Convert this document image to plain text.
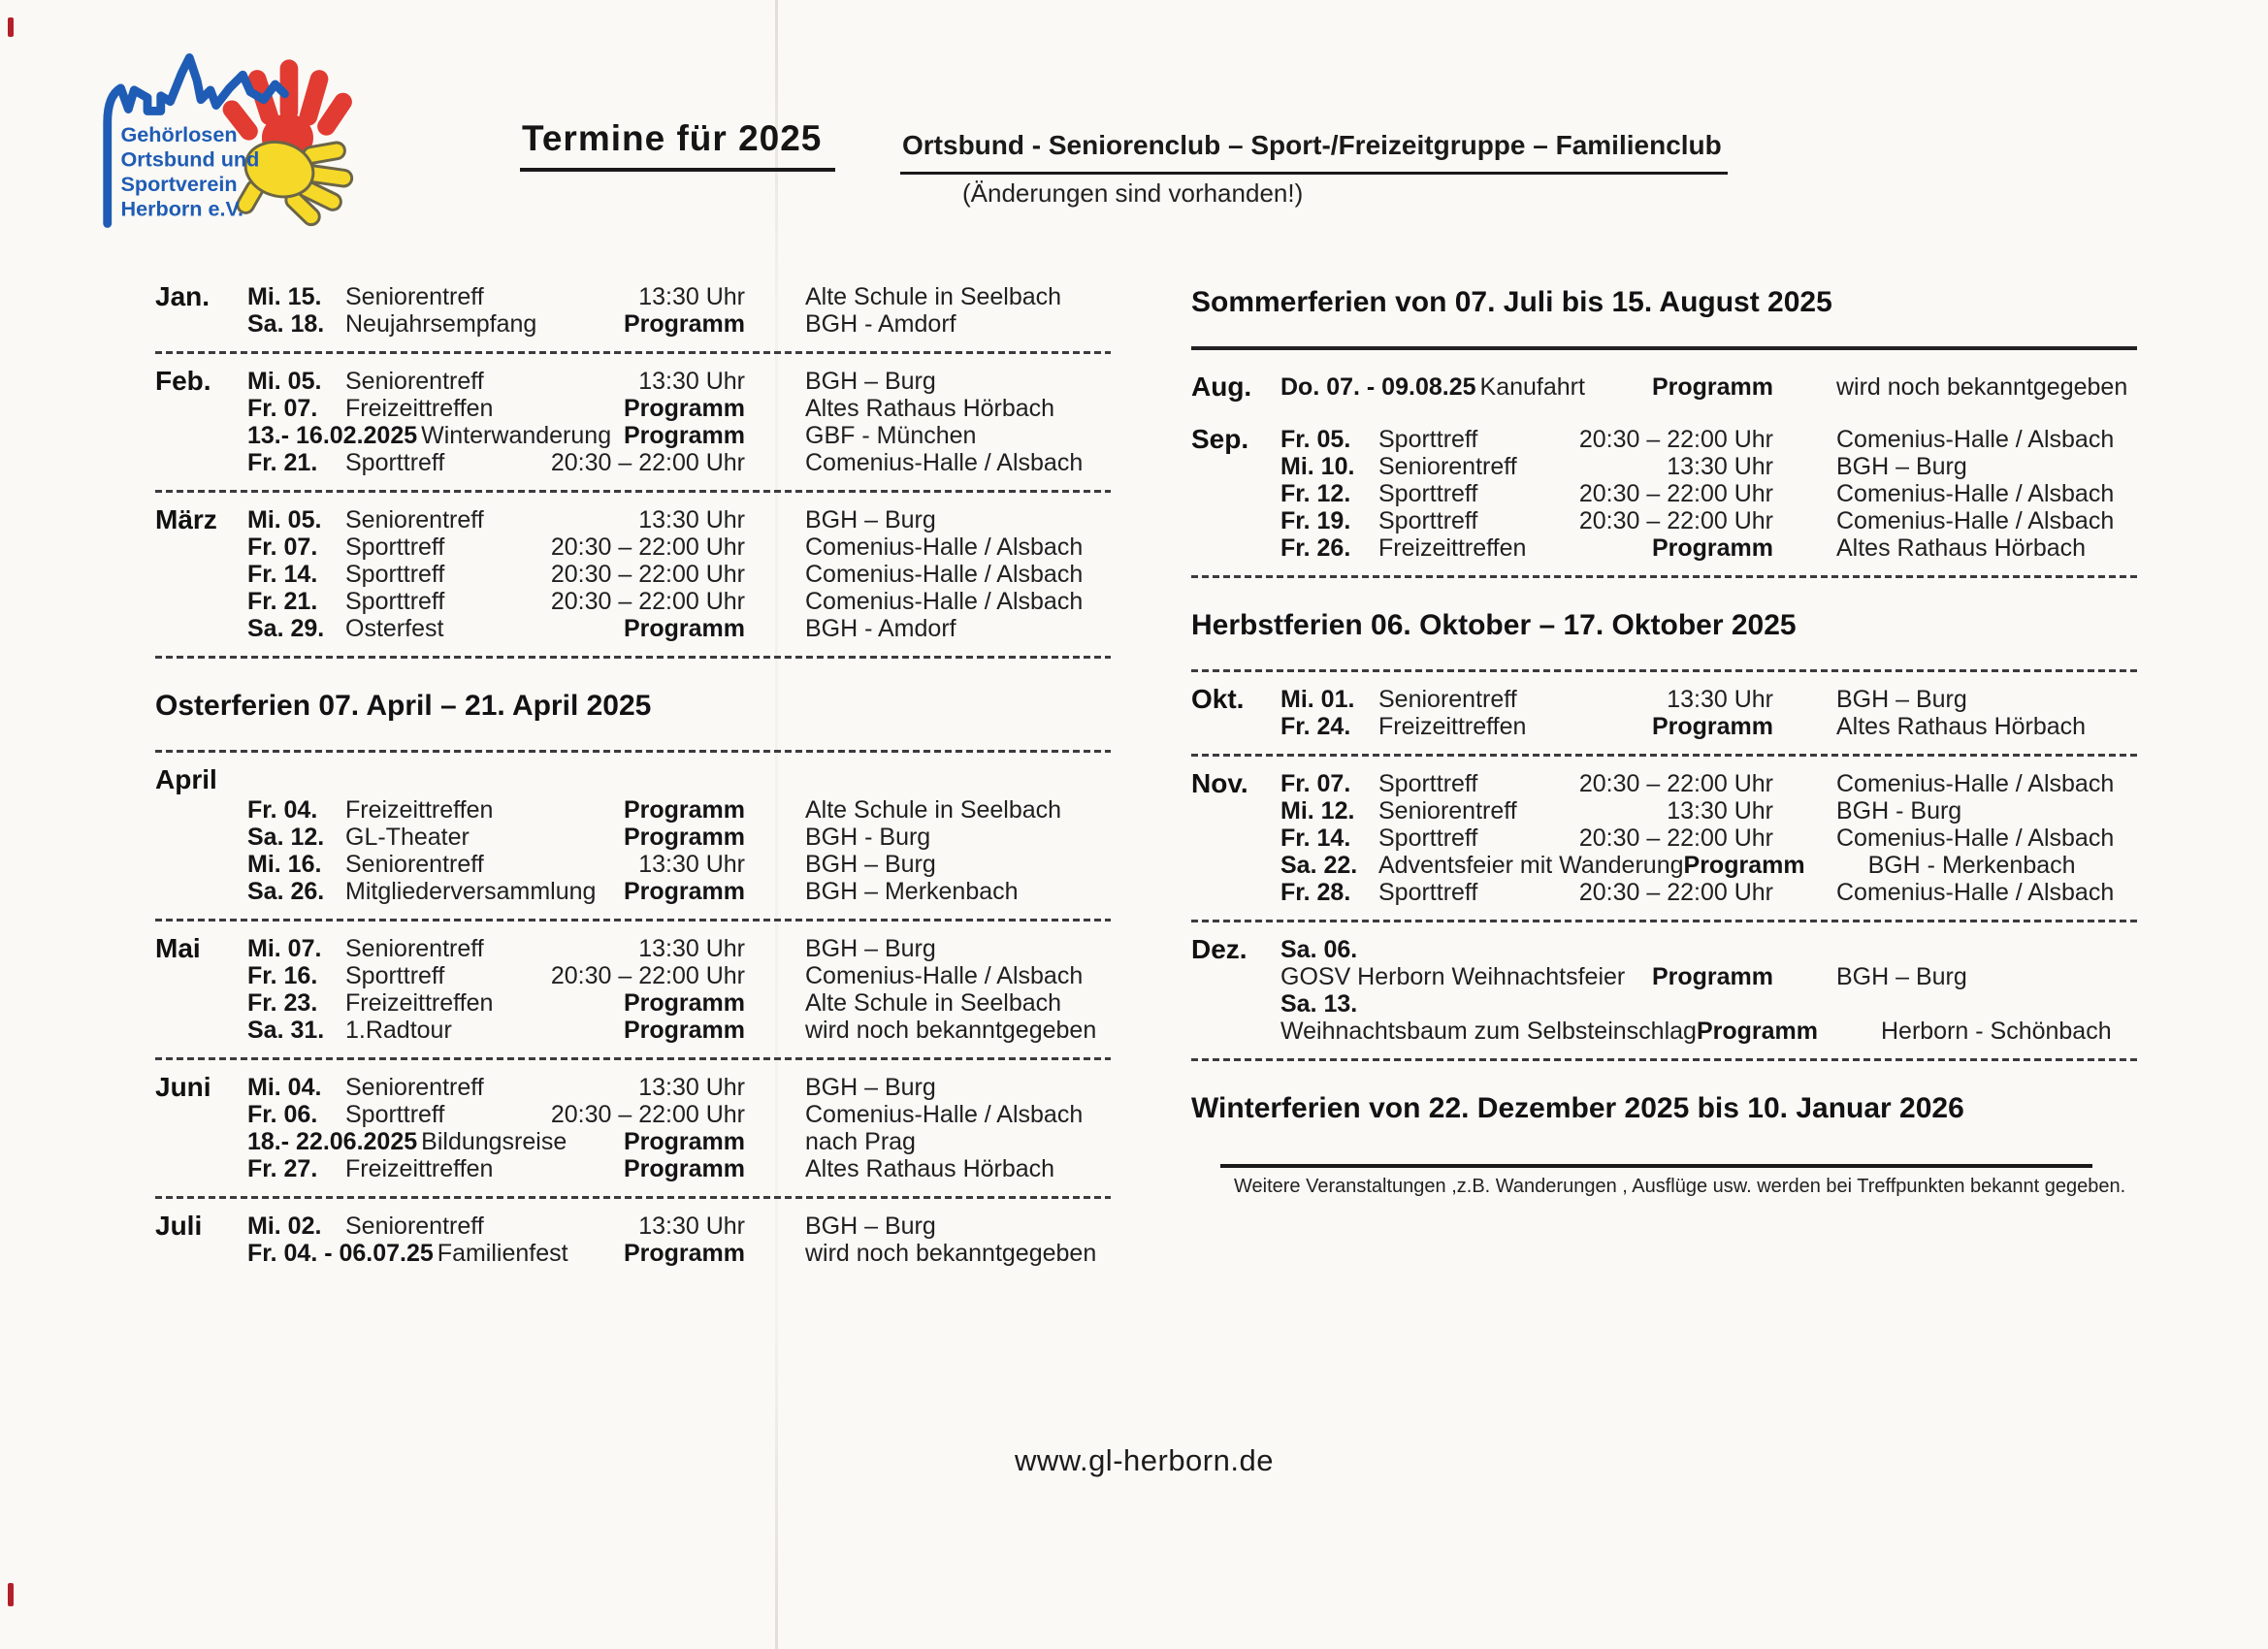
Gehörlosen
Ortsbund und
Sportverein
Herborn e.V.
Termine für 2025	Ortsbund - Seniorenclub – Sport-/Freizeitgruppe – Familienclub
(Änderungen sind vorhanden!)
Jan. Mi. 15. Seniorentreff	13:30 Uhr Alte Schule in Seelbach
Sa. 18. Neujahrsempfang	Programm BGH - Amdorf
Feb. Mi. 05. Seniorentreff	13:30 Uhr BGH – Burg
Fr. 07.	Freizeittreffen	Programm Altes Rathaus Hörbach
13.- 16.02.2025 Winterwanderung Programm GBF - München
Fr. 21.	Sporttreff	20:30 – 22:00 Uhr Comenius-Halle / Alsbach
März Mi. 05. Seniorentreff	13:30 Uhr BGH – Burg
Fr. 07.	Sporttreff	20:30 – 22:00 Uhr Comenius-Halle / Alsbach
Fr. 14.	Sporttreff	20:30 – 22:00 Uhr Comenius-Halle / Alsbach
Fr. 21.	Sporttreff	20:30 – 22:00 Uhr Comenius-Halle / Alsbach
Sa. 29. Osterfest	Programm BGH - Amdorf
Osterferien 07. April – 21. April 2025
April
Fr. 04.	Freizeittreffen	Programm Alte Schule in Seelbach
Sa. 12. GL-Theater	Programm BGH - Burg
Mi. 16. Seniorentreff	13:30 Uhr BGH – Burg
Sa. 26. Mitgliederversammlung Programm BGH – Merkenbach
Mai Mi. 07. Seniorentreff	13:30 Uhr BGH – Burg
Fr. 16.	Sporttreff	20:30 – 22:00 Uhr Comenius-Halle / Alsbach
Fr. 23.	Freizeittreffen	Programm Alte Schule in Seelbach
Sa. 31. 1.Radtour	Programm wird noch bekanntgegeben
Juni Mi. 04. Seniorentreff	13:30 Uhr BGH – Burg
Fr. 06.	Sporttreff	20:30 – 22:00 Uhr Comenius-Halle / Alsbach
18.- 22.06.2025 Bildungsreise Programm nach Prag
Fr. 27.	Freizeittreffen	Programm Altes Rathaus Hörbach
Juli Mi. 02. Seniorentreff	13:30 Uhr BGH – Burg
Fr. 04. - 06.07.25 Familienfest Programm wird noch bekanntgegeben
Sommerferien von 07. Juli bis 15. August 2025
Aug. Do. 07. - 09.08.25 Kanufahrt	Programm	wird noch bekanntgegeben
Sep. Fr. 05.	Sporttreff	20:30 – 22:00 Uhr	Comenius-Halle / Alsbach
Mi. 10. Seniorentreff	13:30 Uhr	BGH – Burg
Fr. 12.	Sporttreff	20:30 – 22:00 Uhr	Comenius-Halle / Alsbach
Fr. 19.	Sporttreff	20:30 – 22:00 Uhr	Comenius-Halle / Alsbach
Fr. 26.	Freizeittreffen	Programm	Altes Rathaus Hörbach
Herbstferien 06. Oktober – 17. Oktober 2025
Okt. Mi. 01. Seniorentreff	13:30 Uhr	BGH – Burg
Fr. 24.	Freizeittreffen	Programm	Altes Rathaus Hörbach
Nov. Fr. 07.	Sporttreff	20:30 – 22:00 Uhr	Comenius-Halle / Alsbach
Mi. 12. Seniorentreff	13:30 Uhr	BGH - Burg
Fr. 14.	Sporttreff	20:30 – 22:00 Uhr	Comenius-Halle / Alsbach
Sa. 22. Adventsfeier mit Wanderung Programm	BGH - Merkenbach
Fr. 28.	Sporttreff	20:30 – 22:00 Uhr	Comenius-Halle / Alsbach
Dez. Sa. 06.
GOSV Herborn Weihnachtsfeier Programm	BGH – Burg
Sa. 13.
Weihnachtsbaum zum Selbsteinschlag Programm	Herborn - Schönbach
Winterferien von 22. Dezember 2025 bis 10. Januar 2026
Weitere Veranstaltungen ,z.B. Wanderungen , Ausflüge usw. werden bei Treffpunkten bekannt gegeben.
www.gl-herborn.de
